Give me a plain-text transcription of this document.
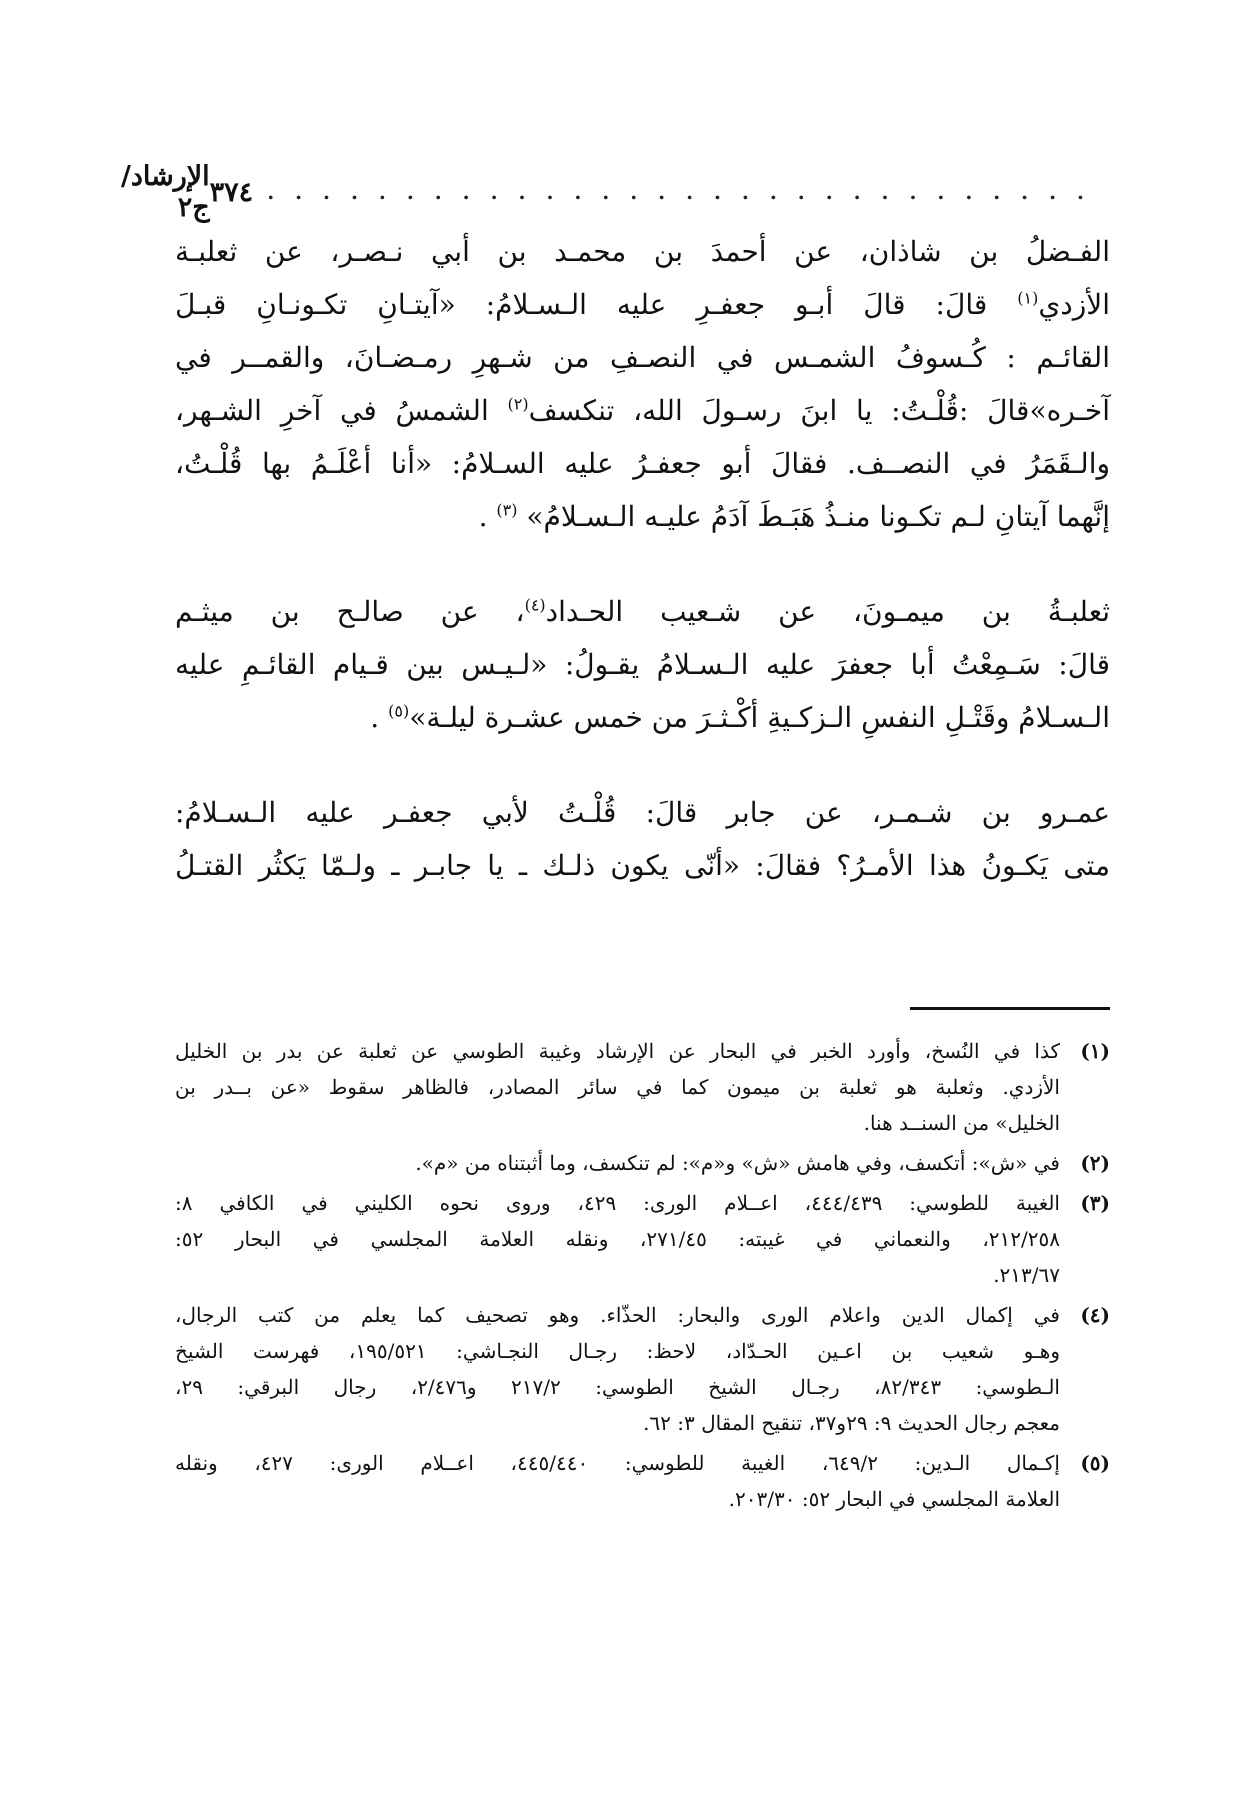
الإرشاد/ج٢	. . . . . . . . . . . . . . . . . . . . . . . . . . . . . .
٣٧٤
الفـضلُ بن شاذان، عن أحمدَ بن محمـد بن أبي نـصـر، عن ثعلبـة
الأزدي$^{(١)}$ قالَ: قالَ أبـو جعفـرِ عليه الـسـلامُ: «آيتـانِ تكـونـانِ قبـلَ
القائـم : كُـسوفُ الشمـس في النصـفِ من شـهرِ رمـضـانَ، والقمــر في
آخـره»قالَ :قُلْـتُ: يا ابنَ رسـولَ الله، تنكسف$^{(٢)}$ الشمسُ في آخرِ الشـهر،
والـقَمَرُ في النصــف. فقالَ أبو جعفـرُ عليه السـلامُ: «أنا أعْلَـمُ بها قُلْـتُ،
إنَّهما آيتانِ لـم تكـونا منـذُ هَبَـطَ آدَمُ عليـه الـسـلامُ» $^{(٣)}$ .
ثعلبـةُ بن ميمـونَ، عن شـعيب الحـداد$^{(٤)}$، عن صالـح بن ميثـم
قالَ: سَـمِعْتُ أبا جعفرَ عليه الـسـلامُ يقـولُ: «لـيـس بين قـيام القائـمِ عليه
الـسـلامُ وقَتْـلِ النفسِ الـزكـيةِ أكْـثـرَ من خمس عشـرة ليلـة»$^{(٥)}$ .
عمـرو بن شـمـر، عن جابر قالَ: قُلْـتُ لأبي جعفـر عليه الـسـلامُ:
متى يَكـونُ هذا الأمـرُ؟ فقالَ: «أنّى يكون ذلـك ـ يا جابـر ـ ولـمّا يَكثُر القتـلُ
(١)
كذا في النُسخ، وأورد الخبر في البحار عن الإرشاد وغيبة الطوسي عن ثعلبة عن بدر بن الخليل
الأزدي. وثعلبة هو ثعلبة بن ميمون كما في سائر المصادر، فالظاهر سقوط «عن بــدر بن
الخليل» من السنــد هنا.
(٢)
في «ش»: أتكسف، وفي هامش «ش» و«م»: لم تنكسف، وما أثبتناه من «م».
(٣)
الغيبة للطوسي: ٤٤٤/٤٣٩، اعــلام الورى: ٤٢٩، وروى نحوه الكليني في الكافي ٨:
٢١٢/٢٥٨، والنعماني في غيبته: ٢٧١/٤٥، ونقله العلامة المجلسي في البحار ٥٢:
٢١٣/٦٧.
(٤)
في إكمال الدين واعلام الورى والبحار: الحذّاء. وهو تصحيف كما يعلم من كتب الرجال،
وهـو شعيب بن اعـين الحـدّاد، لاحظ: رجـال النجـاشي: ١٩٥/٥٢١، فهرست الشيخ
الـطوسي: ٨٢/٣٤٣، رجـال الشيخ الطوسي: ٢١٧/٢ و٢/٤٧٦، رجال البرقي: ٢٩،
معجم رجال الحديث ٩: ٢٩و٣٧، تنقيح المقال ٣: ٦٢.
(٥)
إكـمال الـدين: ٦٤٩/٢، الغيبة للطوسي: ٤٤٥/٤٤٠، اعــلام الورى: ٤٢٧، ونقله
العلامة المجلسي في البحار ٥٢: ٢٠٣/٣٠.
